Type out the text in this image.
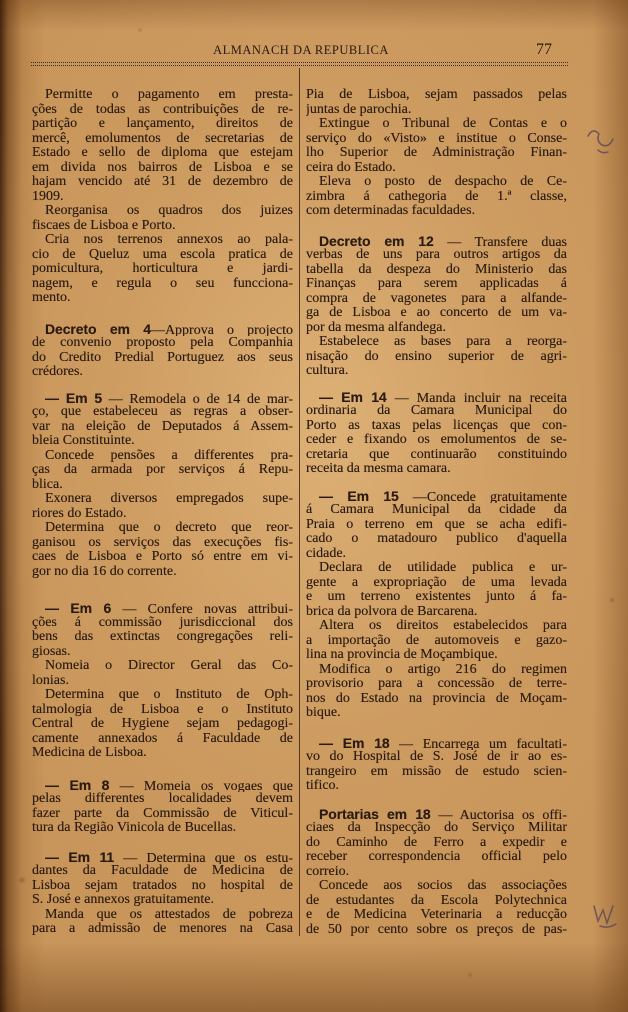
ALMANACH DA REPUBLICA	77
Permitte o pagamento em presta-
ções de todas as contribuições de re-
partição e lançamento, direitos de
mercê, emolumentos de secretarias de
Estado e sello de diploma que estejam
em divida nos bairros de Lisboa e se
hajam vencido até 31 de dezembro de
1909.
Reorganisa os quadros dos juizes
fiscaes de Lisboa e Porto.
Cria nos terrenos annexos ao pala-
cio de Queluz uma escola pratica de
pomicultura, horticultura e jardi-
nagem, e regula o seu funcciona-
mento.
Decreto em 4—Approva o projecto
de convenio proposto pela Companhia
do Credito Predial Portuguez aos seus
crédores.
— Em 5 — Remodela o de 14 de mar-
ço, que estabeleceu as regras a obser-
var na eleição de Deputados á Assem-
bleia Constituinte.
Concede pensões a differentes pra-
ças da armada por serviços á Repu-
blica.
Exonera diversos empregados supe-
riores do Estado.
Determina que o decreto que reor-
ganisou os serviços das execuções fis-
caes de Lisboa e Porto só entre em vi-
gor no dia 16 do corrente.
— Em 6 — Confere novas attribui-
ções á commissão jurisdiccional dos
bens das extinctas congregações reli-
giosas.
Nomeia o Director Geral das Co-
lonias.
Determina que o Instituto de Oph-
talmologia de Lisboa e o Instituto
Central de Hygiene sejam pedagogi-
camente annexados á Faculdade de
Medicina de Lisboa.
— Em 8 — Momeia os vogaes que
pelas differentes localidades devem
fazer parte da Commissão de Viticul-
tura da Região Vinicola de Bucellas.
— Em 11 — Determina que os estu-
dantes da Faculdade de Medicina de
Lisboa sejam tratados no hospital de
S. José e annexos gratuitamente.
Manda que os attestados de pobreza
para a admissão de menores na Casa
Pia de Lisboa, sejam passados pelas
juntas de parochia.
Extingue o Tribunal de Contas e o
serviço do «Visto» e institue o Conse-
lho Superior de Administração Finan-
ceira do Estado.
Eleva o posto de despacho de Ce-
zimbra á cathegoria de 1.ª classe,
com determinadas faculdades.
Decreto em 12 — Transfere duas
verbas de uns para outros artigos da
tabella da despeza do Ministerio das
Finanças para serem applicadas á
compra de vagonetes para a alfande-
ga de Lisboa e ao concerto de um va-
por da mesma alfandega.
Estabelece as bases para a reorga-
nisação do ensino superior de agri-
cultura.
— Em 14 — Manda incluir na receita
ordinaria da Camara Municipal do
Porto as taxas pelas licenças que con-
ceder e fixando os emolumentos de se-
cretaria que continuarão constituindo
receita da mesma camara.
— Em 15 —Concede gratuitamente
á Camara Municipal da cidade da
Praia o terreno em que se acha edifi-
cado o matadouro publico d'aquella
cidade.
Declara de utilidade publica e ur-
gente a expropriação de uma levada
e um terreno existentes junto á fa-
brica da polvora de Barcarena.
Altera os direitos estabelecidos para
a importação de automoveis e gazo-
lina na provincia de Moçambique.
Modifica o artigo 216 do regimen
provisorio para a concessão de terre-
nos do Estado na provincia de Moçam-
bique.
— Em 18 — Encarrega um facultati-
vo do Hospital de S. José de ir ao es-
trangeiro em missão de estudo scien-
tifico.
Portarias em 18 — Auctorisa os offi-
ciaes da Inspecção do Serviço Militar
do Caminho de Ferro a expedir e
receber correspondencia official pelo
correio.
Concede aos socios das associações
de estudantes da Escola Polytechnica
e de Medicina Veterinaria a reducção
de 50 por cento sobre os preços de pas-
